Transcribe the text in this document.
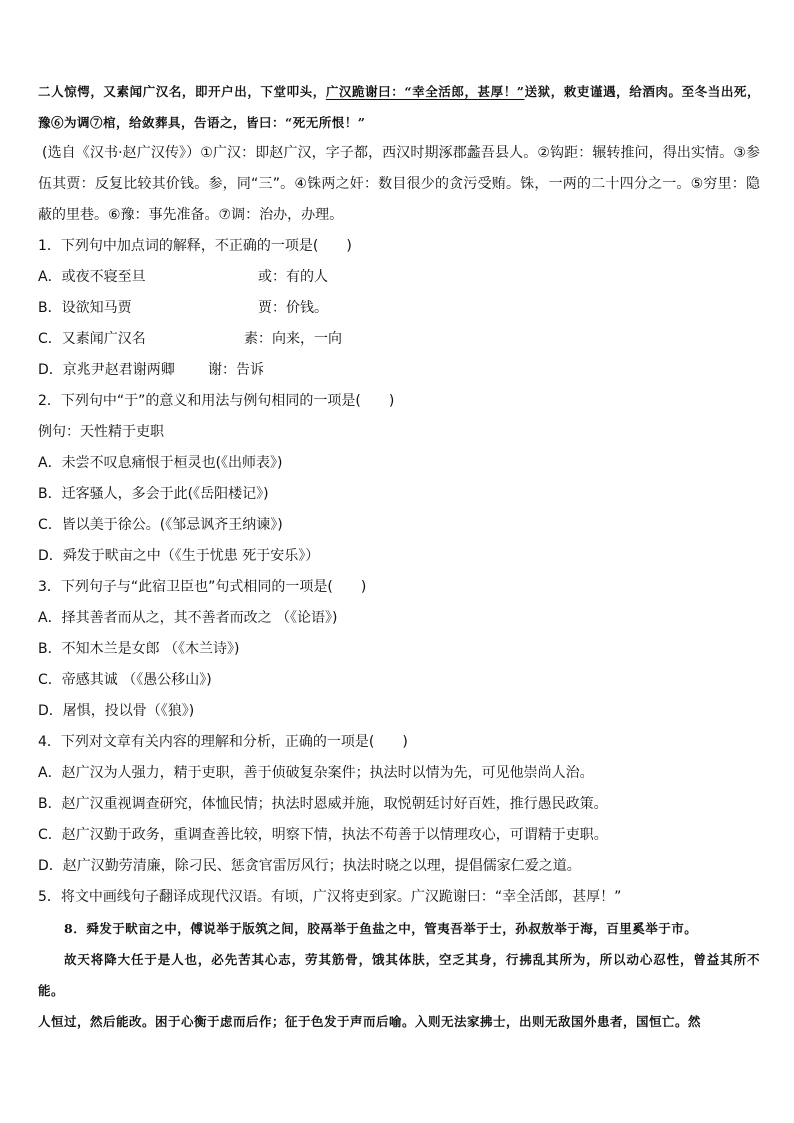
二人惊愕，又素闻广汉名，即开户出，下堂叩头，广汉跪谢曰：“幸全活郎，甚厚！”送狱，敕吏谨遇，给酒肉。至冬当出死，豫⑥为调⑦棺，给敛葬具，告语之，皆曰：“死无所恨！”

(选自《汉书·赵广汉传》）①广汉：即赵广汉，字子都，西汉时期涿郡蠡吾县人。②钩距：辗转推问，得出实情。③参伍其贾：反复比较其价钱。参，同“三”。④铢两之奸：数目很少的贪污受贿。铢，一两的二十四分之一。⑤穷里：隐蔽的里巷。⑥豫：事先准备。⑦调：治办，办理。

1．下列句中加点词的解释，不正确的一项是(　　)

A．或夜不寝至旦	或：有的人

B．设欲知马贾	贾：价钱。

C．又素闻广汉名	素：向来，一向

D．京兆尹赵君谢两卿 谢：告诉

2．下列句中“于”的意义和用法与例句相同的一项是(　　)

例句：天性精于吏职

A．未尝不叹息痛恨于桓灵也(《出师表》)

B．迁客骚人，多会于此(《岳阳楼记》)

C．皆以美于徐公。(《邹忌讽齐王纳谏》)

D．舜发于畎亩之中（《生于忧患 死于安乐》）

3．下列句子与“此宿卫臣也”句式相同的一项是(　　)

A．择其善者而从之，其不善者而改之 （《论语》)

B．不知木兰是女郎 （《木兰诗》)

C．帝感其诚 （《愚公移山》)

D．屠惧，投以骨（《狼》)

4．下列对文章有关内容的理解和分析，正确的一项是(　　)

A．赵广汉为人强力，精于吏职，善于侦破复杂案件；执法时以情为先，可见他崇尚人治。

B．赵广汉重视调查研究，体恤民情；执法时恩威并施，取悦朝廷讨好百姓，推行愚民政策。

C．赵广汉勤于政务，重调查善比较，明察下情，执法不苟善于以情理攻心，可谓精于吏职。

D．赵广汉勤劳清廉，除刁民、惩贪官雷厉风行；执法时晓之以理，提倡儒家仁爱之道。

5．将文中画线句子翻译成现代汉语。有顷，广汉将吏到家。广汉跪谢曰：“幸全活郎，甚厚！”

8．舜发于畎亩之中，傅说举于版筑之间，胶鬲举于鱼盐之中，管夷吾举于士，孙叔敖举于海，百里奚举于市。

故天将降大任于是人也，必先苦其心志，劳其筋骨，饿其体肤，空乏其身，行拂乱其所为，所以动心忍性，曾益其所不能。

人恒过，然后能改。困于心衡于虑而后作；征于色发于声而后喻。入则无法家拂士，出则无敌国外患者，国恒亡。然
